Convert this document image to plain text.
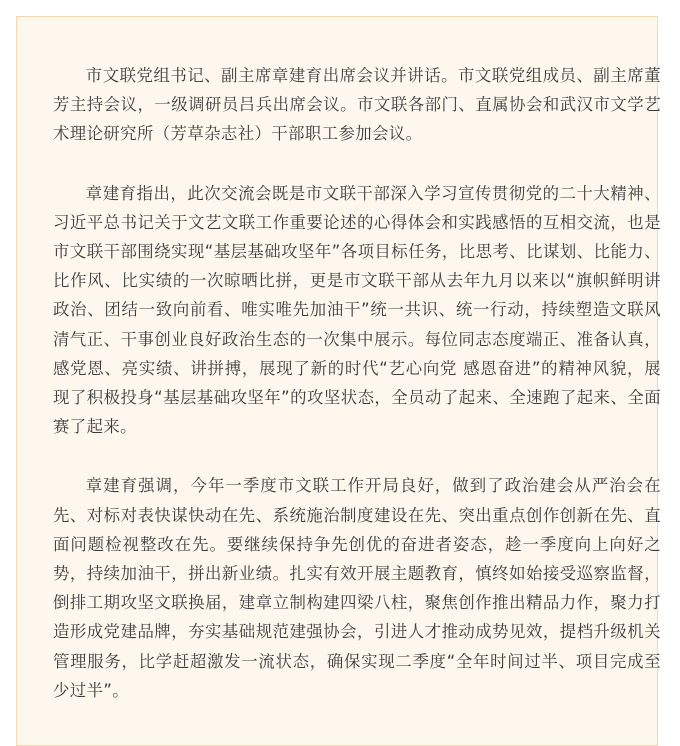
市文联党组书记、副主席章建育出席会议并讲话。市文联党组成员、副主席董芳主持会议，一级调研员吕兵出席会议。市文联各部门、直属协会和武汉市文学艺术理论研究所（芳草杂志社）干部职工参加会议。

章建育指出，此次交流会既是市文联干部深入学习宣传贯彻党的二十大精神、习近平总书记关于文艺文联工作重要论述的心得体会和实践感悟的互相交流，也是市文联干部围绕实现“基层基础攻坚年”各项目标任务，比思考、比谋划、比能力、比作风、比实绩的一次晾晒比拼，更是市文联干部从去年九月以来以“旗帜鲜明讲政治、团结一致向前看、唯实唯先加油干”统一共识、统一行动，持续塑造文联风清气正、干事创业良好政治生态的一次集中展示。每位同志态度端正、准备认真，感党恩、亮实绩、讲拼搏，展现了新的时代“艺心向党 感恩奋进”的精神风貌，展现了积极投身“基层基础攻坚年”的攻坚状态，全员动了起来、全速跑了起来、全面赛了起来。

章建育强调，今年一季度市文联工作开局良好，做到了政治建会从严治会在先、对标对表快谋快动在先、系统施治制度建设在先、突出重点创作创新在先、直面问题检视整改在先。要继续保持争先创优的奋进者姿态，趁一季度向上向好之势，持续加油干，拼出新业绩。扎实有效开展主题教育，慎终如始接受巡察监督，倒排工期攻坚文联换届，建章立制构建四梁八柱，聚焦创作推出精品力作，聚力打造形成党建品牌，夯实基础规范建强协会，引进人才推动成势见效，提档升级机关管理服务，比学赶超激发一流状态，确保实现二季度“全年时间过半、项目完成至少过半”。
